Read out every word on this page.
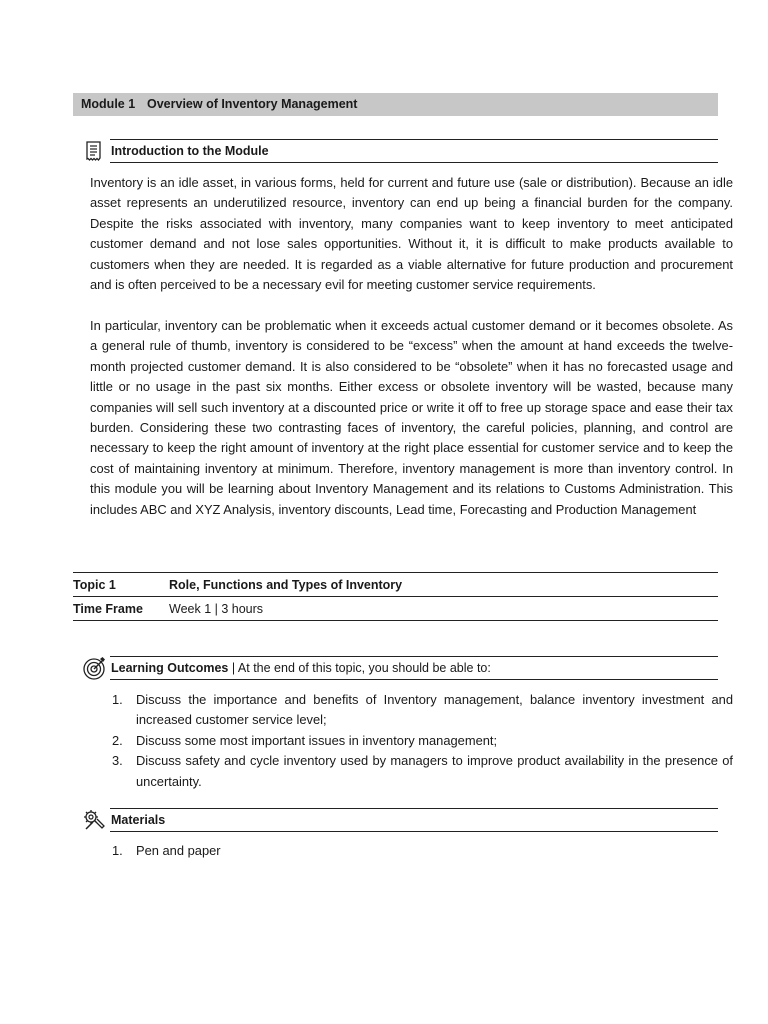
Module 1 Overview of Inventory Management
Introduction to the Module

Inventory is an idle asset, in various forms, held for current and future use (sale or distribution). Because an idle asset represents an underutilized resource, inventory can end up being a financial burden for the company. Despite the risks associated with inventory, many companies want to keep inventory to meet anticipated customer demand and not lose sales opportunities. Without it, it is difficult to make products available to customers when they are needed. It is regarded as a viable alternative for future production and procurement and is often perceived to be a necessary evil for meeting customer service requirements.

In particular, inventory can be problematic when it exceeds actual customer demand or it becomes obsolete. As a general rule of thumb, inventory is considered to be “excess” when the amount at hand exceeds the twelve-month projected customer demand. It is also considered to be “obsolete” when it has no forecasted usage and little or no usage in the past six months. Either excess or obsolete inventory will be wasted, because many companies will sell such inventory at a discounted price or write it off to free up storage space and ease their tax burden. Considering these two contrasting faces of inventory, the careful policies, planning, and control are necessary to keep the right amount of inventory at the right place essential for customer service and to keep the cost of maintaining inventory at minimum. Therefore, inventory management is more than inventory control. In this module you will be learning about Inventory Management and its relations to Customs Administration. This includes ABC and XYZ Analysis, inventory discounts, Lead time, Forecasting and Production Management

Topic 1	Role, Functions and Types of Inventory
Time Frame	Week 1 | 3 hours
Learning Outcomes | At the end of this topic, you should be able to:
1. Discuss the importance and benefits of Inventory management, balance inventory investment and increased customer service level;
2. Discuss some most important issues in inventory management;
3. Discuss safety and cycle inventory used by managers to improve product availability in the presence of uncertainty.
Materials
1. Pen and paper
